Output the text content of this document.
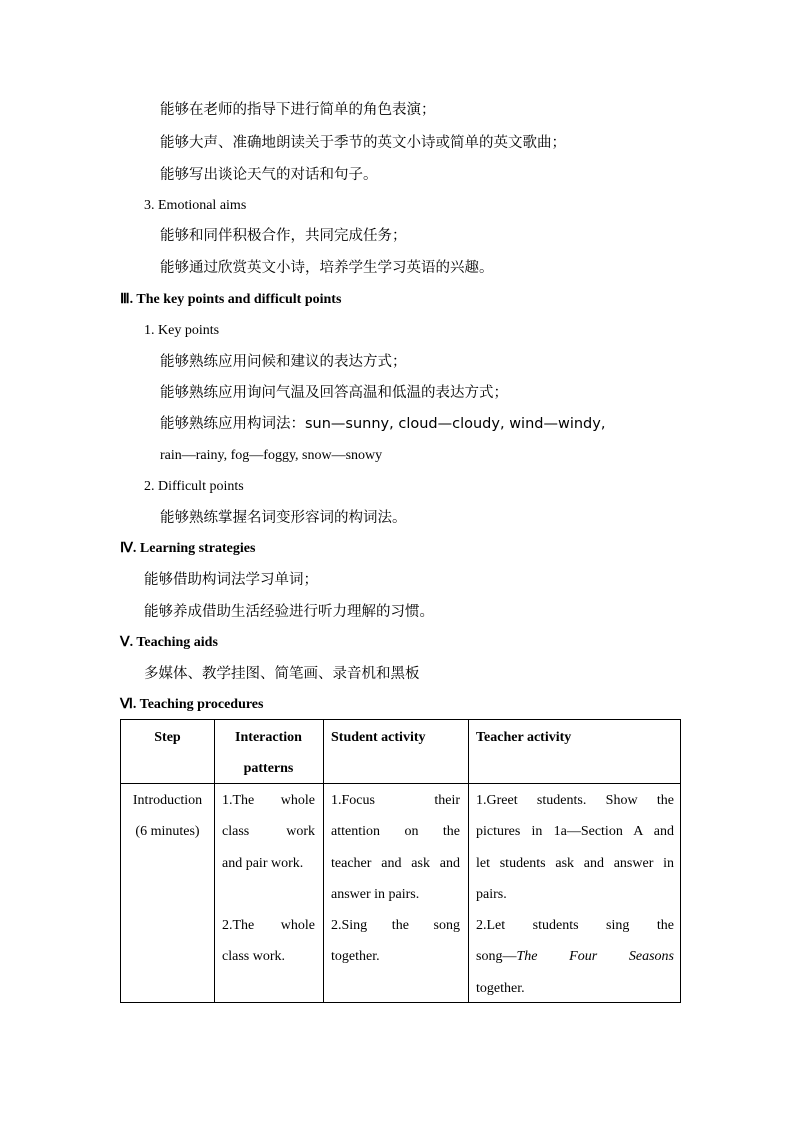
能够在老师的指导下进行简单的角色表演；
能够大声、准确地朗读关于季节的英文小诗或简单的英文歌曲；
能够写出谈论天气的对话和句子。
3. Emotional aims
能够和同伴积极合作，共同完成任务；
能够通过欣赏英文小诗，培养学生学习英语的兴趣。
Ⅲ. The key points and difficult points
1. Key points
能够熟练应用问候和建议的表达方式；
能够熟练应用询问气温及回答高温和低温的表达方式；
能够熟练应用构词法：sun—sunny, cloud—cloudy, wind—windy,
rain—rainy, fog—foggy, snow—snowy
2. Difficult points
能够熟练掌握名词变形容词的构词法。
Ⅳ. Learning strategies
能够借助构词法学习单词；
能够养成借助生活经验进行听力理解的习惯。
Ⅴ. Teaching aids
多媒体、教学挂图、简笔画、录音机和黑板
Ⅵ. Teaching procedures
Step	Interaction
patterns
Student activity	Teacher activity
Introduction
(6 minutes)
1.The whole
class work
and pair work.
2.The whole
class work.
1.Focus their
attention on the
teacher and ask and
answer in pairs.
2.Sing the song
together.
1.Greet students. Show the
pictures in 1a—Section A and
let students ask and answer in
pairs.
2.Let students sing the
song—The Four Seasons
together.
